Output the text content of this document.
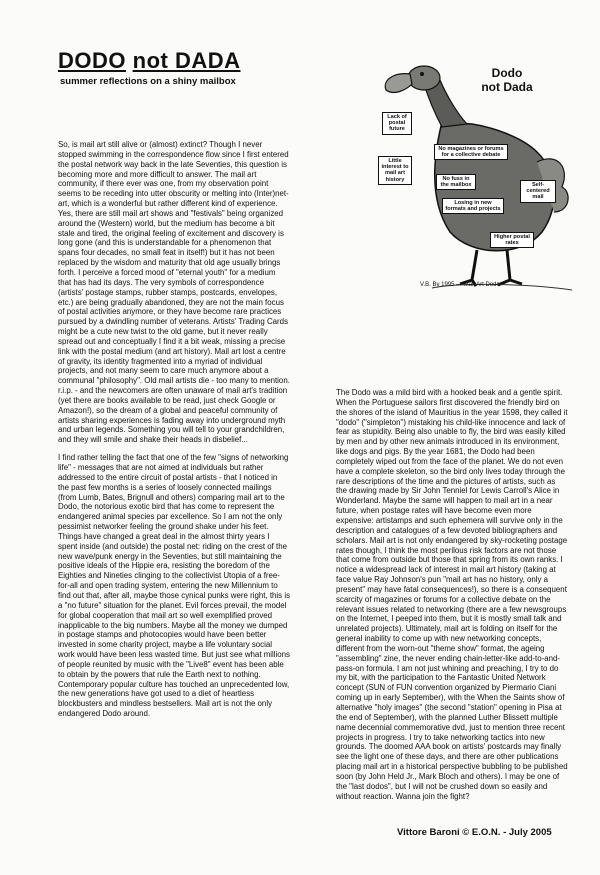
DODO not DADA
summer reflections on a shiny mailbox
Lack of postal future
Little interest to mail art history
No magazines or forums for a collective debate
No fuss in the mailbox	Self-centered mail
Losing in new formats and projects
Higher postal rates
Dodo
not Dada
V.B. By 1995 — Mail Art Dodo

So, is mail art still alive or (almost) extinct? Though I never stopped swimming in the correspondence flow since I first entered the postal network way back in the late Seventies, this question is becoming more and more difficult to answer. The mail art community, if there ever was one, from my observation point seems to be receding into utter obscurity or melting into (Inter)net-art, which is a wonderful but rather different kind of experience. Yes, there are still mail art shows and "festivals" being organized around the (Western) world, but the medium has become a bit stale and tired, the original feeling of excitement and discovery is long gone (and this is understandable for a phenomenon that spans four decades, no small feat in itself!) but it has not been replaced by the wisdom and maturity that old age usually brings forth. I perceive a forced mood of "eternal youth" for a medium that has had its days. The very symbols of correspondence (artists' postage stamps, rubber stamps, postcards, envelopes, etc.) are being gradually abandoned, they are not the main focus of postal activities anymore, or they have become rare practices pursued by a dwindling number of veterans. Artists' Trading Cards might be a cute new twist to the old game, but it never really spread out and conceptually I find it a bit weak, missing a precise link with the postal medium (and art history). Mail art lost a centre of gravity, its identity fragmented into a myriad of individual projects, and not many seem to care much anymore about a communal "philosophy". Old mail artists die - too many to mention. r.i.p. - and the newcomers are often unaware of mail art's tradition (yet there are books available to be read, just check Google or Amazon!), so the dream of a global and peaceful community of artists sharing experiences is fading away into underground myth and urban legends. Something you will tell to your grandchildren, and they will smile and shake their heads in disbelief...

I find rather telling the fact that one of the few "signs of networking life" - messages that are not aimed at individuals but rather addressed to the entire circuit of postal artists - that I noticed in the past few months is a series of loosely connected mailings (from Lumb, Bates, Brignull and others) comparing mail art to the Dodo, the notorious exotic bird that has come to represent the endangered animal species par excellence. So I am not the only pessimist networker feeling the ground shake under his feet. Things have changed a great deal in the almost thirty years I spent inside (and outside) the postal net: riding on the crest of the new wave/punk energy in the Seventies, but still maintaining the positive ideals of the Hippie era, resisting the boredom of the Eighties and Nineties clinging to the collectivist Utopia of a free-for-all and open trading system, entering the new Millennium to find out that, after all, maybe those cynical punks were right, this is a "no future" situation for the planet. Evil forces prevail, the model for global cooperation that mail art so well exemplified proved inapplicable to the big numbers. Maybe all the money we dumped in postage stamps and photocopies would have been better invested in some charity project, maybe a life voluntary social work would have been less wasted time. But just see what millions of people reunited by music with the "Live8" event has been able to obtain by the powers that rule the Earth next to nothing. Contemporary popular culture has touched an unprecedented low, the new generations have got used to a diet of heartless blockbusters and mindless bestsellers. Mail art is not the only endangered Dodo around.

The Dodo was a mild bird with a hooked beak and a gentle spirit. When the Portuguese sailors first discovered the friendly bird on the shores of the island of Mauritius in the year 1598, they called it "dodo" ("simpleton") mistaking his child-like innocence and lack of fear as stupidity. Being also unable to fly, the bird was easily killed by men and by other new animals introduced in its environment, like dogs and pigs. By the year 1681, the Dodo had been completely wiped out from the face of the planet. We do not even have a complete skeleton, so the bird only lives today through the rare descriptions of the time and the pictures of artists, such as the drawing made by Sir John Tenniel for Lewis Carroll's Alice in Wonderland. Maybe the same will happen to mail art in a near future, when postage rates will have become even more expensive: artistamps and such ephemera will survive only in the description and catalogues of a few devoted bibliographers and scholars. Mail art is not only endangered by sky-rocketing postage rates though, I think the most perilous risk factors are not those that come from outside but those that spring from its own ranks. I notice a widespread lack of interest in mail art history (taking at face value Ray Johnson's pun "mail art has no history, only a present" may have fatal consequences!), so there is a consequent scarcity of magazines or forums for a collective debate on the relevant issues related to networking (there are a few newsgroups on the Internet, I peeped into them, but it is mostly small talk and unrelated projects). Ultimately, mail art is folding on itself for the general inability to come up with new networking concepts, different from the worn-out "theme show" format, the ageing "assembling" zine, the never ending chain-letter-like add-to-and-pass-on formula. I am not just whining and preaching, I try to do my bit, with the participation to the Fantastic United Network concept (SUN of FUN convention organized by Piermario Ciani coming up in early September), with the When the Saints show of alternative "holy images" (the second "station" opening in Pisa at the end of September), with the planned Luther Blissett multiple name decennial commemorative dvd, just to mention three recent projects in progress. I try to take networking tactics into new grounds. The doomed AAA book on artists' postcards may finally see the light one of these days, and there are other publications placing mail art in a historical perspective bubbling to be published soon (by John Held Jr., Mark Bloch and others). I may be one of the "last dodos", but I will not be crushed down so easily and without reaction. Wanna join the fight?

Vittore Baroni © E.O.N. - July 2005
